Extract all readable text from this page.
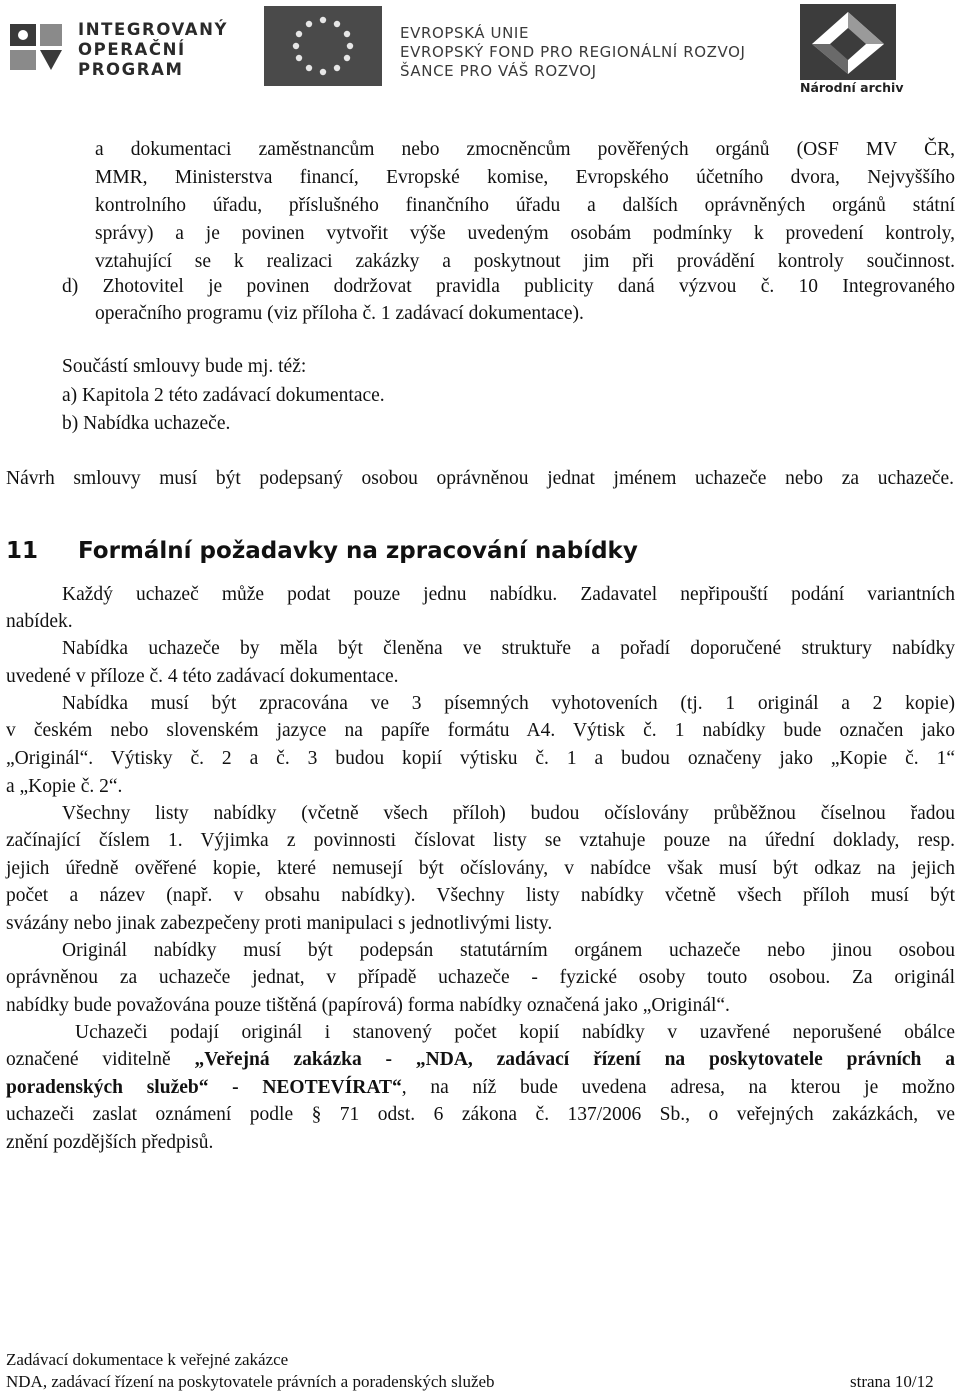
INTEGROVANÝ
OPERAČNÍ
PROGRAM
EVROPSKÁ UNIE
EVROPSKÝ FOND PRO REGIONÁLNÍ ROZVOJ
ŠANCE PRO VÁŠ ROZVOJ
Národní archiv
a dokumentaci zaměstnancům nebo zmocněncům pověřených orgánů (OSF MV ČR,
MMR, Ministerstva financí, Evropské komise, Evropského účetního dvora, Nejvyššího
kontrolního úřadu, příslušného finančního úřadu a dalších oprávněných orgánů státní
správy) a je povinen vytvořit výše uvedeným osobám podmínky k provedení kontroly,
vztahující se k realizaci zakázky a poskytnout jim při provádění kontroly součinnost.
d) Zhotovitel je povinen dodržovat pravidla publicity daná výzvou č. 10 Integrovaného
operačního programu (viz příloha č. 1 zadávací dokumentace).
Součástí smlouvy bude mj. též:
a) Kapitola 2 této zadávací dokumentace.
b) Nabídka uchazeče.
Návrh smlouvy musí být podepsaný osobou oprávněnou jednat jménem uchazeče nebo za uchazeče.
11 Formální požadavky na zpracování nabídky
Každý uchazeč může podat pouze jednu nabídku. Zadavatel nepřipouští podání variantních
nabídek.
Nabídka uchazeče by měla být členěna ve struktuře a pořadí doporučené struktury nabídky
uvedené v příloze č. 4 této zadávací dokumentace.
Nabídka musí být zpracována ve 3 písemných vyhotoveních (tj. 1 originál a 2 kopie)
v českém nebo slovenském jazyce na papíře formátu A4. Výtisk č. 1 nabídky bude označen jako
„Originál“. Výtisky č. 2 a č. 3 budou kopií výtisku č. 1 a budou označeny jako „Kopie č. 1“
a „Kopie č. 2“.
Všechny listy nabídky (včetně všech příloh) budou očíslovány průběžnou číselnou řadou
začínající číslem 1. Výjimka z povinnosti číslovat listy se vztahuje pouze na úřední doklady, resp.
jejich úředně ověřené kopie, které nemusejí být očíslovány, v nabídce však musí být odkaz na jejich
počet a název (např. v obsahu nabídky). Všechny listy nabídky včetně všech příloh musí být
svázány nebo jinak zabezpečeny proti manipulaci s jednotlivými listy.
Originál nabídky musí být podepsán statutárním orgánem uchazeče nebo jinou osobou
oprávněnou za uchazeče jednat, v případě uchazeče - fyzické osoby touto osobou. Za originál
nabídky bude považována pouze tištěná (papírová) forma nabídky označená jako „Originál“.
Uchazeči podají originál i stanovený počet kopií nabídky v uzavřené neporušené obálce
označené viditelně „Veřejná zakázka - „NDA, zadávací řízení na poskytovatele právních a
poradenských služeb“ - NEOTEVÍRAT“, na níž bude uvedena adresa, na kterou je možno
uchazeči zaslat oznámení podle § 71 odst. 6 zákona č. 137/2006 Sb., o veřejných zakázkách, ve
znění pozdějších předpisů.
Zadávací dokumentace k veřejné zakázce
NDA, zadávací řízení na poskytovatele právních a poradenských služeb	strana 10/12
